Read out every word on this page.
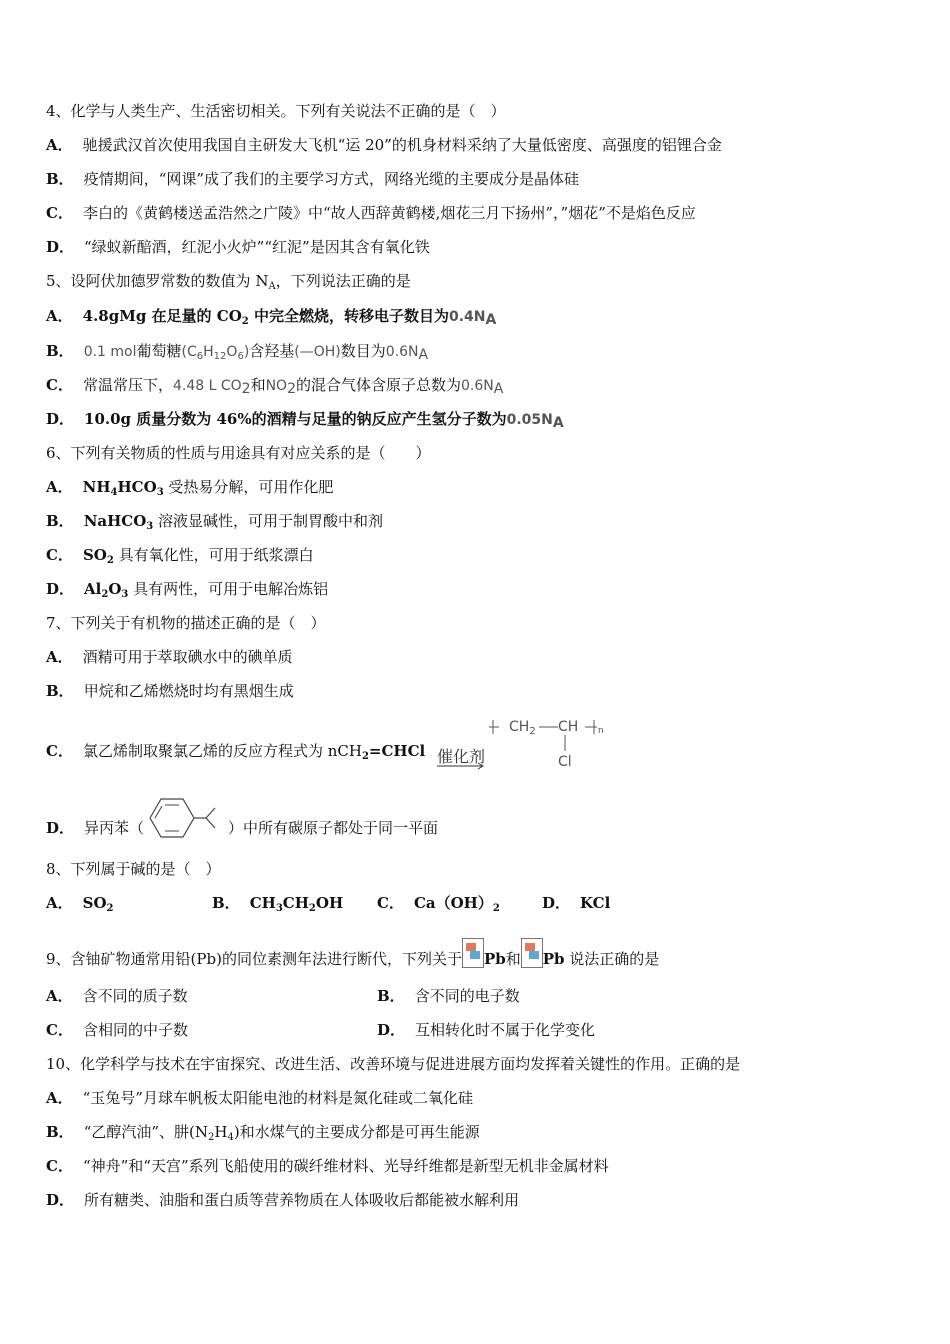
4、化学与人类生产、生活密切相关。下列有关说法不正确的是（　）
A． 驰援武汉首次使用我国自主研发大飞机“运 20”的机身材料采纳了大量低密度、高强度的铝锂合金
B． 疫情期间，“网课”成了我们的主要学习方式，网络光缆的主要成分是晶体硅
C． 李白的《黄鹤楼送孟浩然之广陵》中“故人西辞黄鹤楼,烟花三月下扬州”，”烟花”不是焰色反应
D． “绿蚁新醅酒，红泥小火炉”“红泥”是因其含有氧化铁
5、设阿伏加德罗常数的数值为 $N_A$，下列说法正确的是
A． 4.8gMg 在足量的 $CO_2$ 中完全燃烧，转移电子数目为$0.4N_A$
B． 0.1 mol葡萄糖$(C_6H_{12}O_6)$含羟基(—OH)数目为$0.6N_A$
C． 常温常压下，4.48 L $CO_2$和$NO_2$的混合气体含原子总数为$0.6N_A$
D． 10.0g 质量分数为 46%的酒精与足量的钠反应产生氢分子数为$0.05N_A$
6、下列有关物质的性质与用途具有对应关系的是（　　）
A． $NH_4HCO_3$ 受热易分解，可用作化肥
B． NaHCO$_3$ 溶液显碱性，可用于制胃酸中和剂
C． $SO_2$ 具有氧化性，可用于纸浆漂白
D． $Al_2O_3$ 具有两性，可用于电解冶炼铝
7、下列关于有机物的描述正确的是（　）
A． 酒精可用于萃取碘水中的碘单质
B． 甲烷和乙烯燃烧时均有黑烟生成
C． 氯乙烯制取聚氯乙烯的反应方程式为 nCH$_2$=CHCl 催化剂
$CH_2$ CH n
Cl
D． 异丙苯（	）中所有碳原子都处于同一平面
8、下列属于碱的是（　）
A． $SO_2$	B． $CH_3CH_2OH$ C． $Ca(OH)_2$	D． KCl
9、含铀矿物通常用铅(Pb)的同位素测年法进行断代，下列关于 Pb和 Pb 说法正确的是
A． 含不同的质子数	B． 含不同的电子数
C． 含相同的中子数	D． 互相转化时不属于化学变化
10、化学科学与技术在宇宙探究、改进生活、改善环境与促进进展方面均发挥着关键性的作用。正确的是
A． “玉兔号”月球车帆板太阳能电池的材料是氮化硅或二氧化硅
B． “乙醇汽油”、肼$(N_2H_4)$和水煤气的主要成分都是可再生能源
C． “神舟”和“天宫”系列飞船使用的碳纤维材料、光导纤维都是新型无机非金属材料
D． 所有糖类、油脂和蛋白质等营养物质在人体吸收后都能被水解利用
